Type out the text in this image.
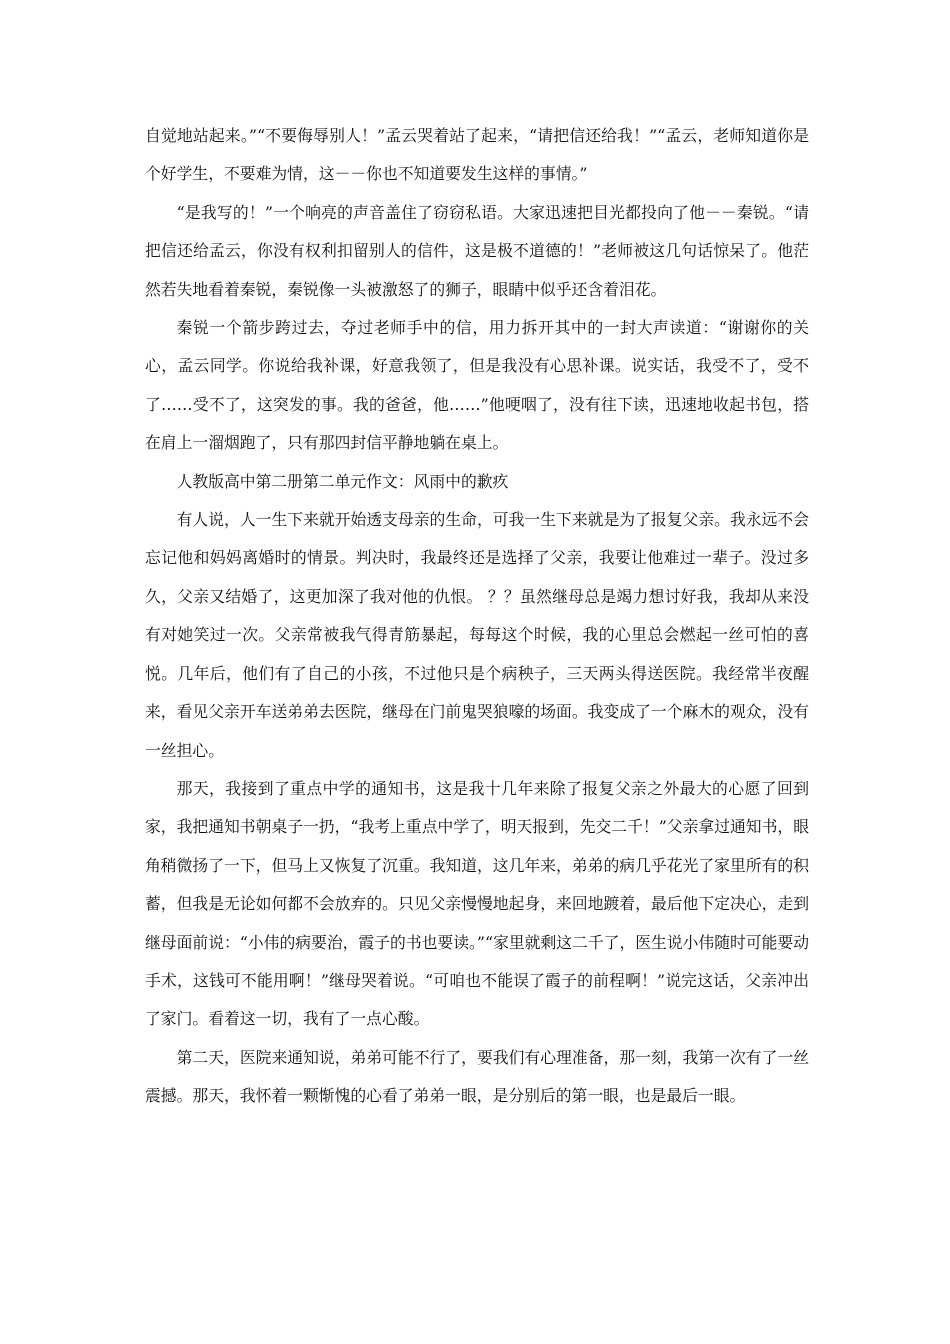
自觉地站起来。”“不要侮辱别人！”孟云哭着站了起来，“请把信还给我！”“孟云，老师知道你是个好学生，不要难为情，这－－你也不知道要发生这样的事情。”

“是我写的！”一个响亮的声音盖住了窃窃私语。大家迅速把目光都投向了他－－秦锐。“请把信还给孟云，你没有权利扣留别人的信件，这是极不道德的！”老师被这几句话惊呆了。他茫然若失地看着秦锐，秦锐像一头被激怒了的狮子，眼睛中似乎还含着泪花。

秦锐一个箭步跨过去，夺过老师手中的信，用力拆开其中的一封大声读道：“谢谢你的关心，孟云同学。你说给我补课，好意我领了，但是我没有心思补课。说实话，我受不了，受不了……受不了，这突发的事。我的爸爸，他……”他哽咽了，没有往下读，迅速地收起书包，搭在肩上一溜烟跑了，只有那四封信平静地躺在桌上。

人教版高中第二册第二单元作文：风雨中的歉疚

有人说，人一生下来就开始透支母亲的生命，可我一生下来就是为了报复父亲。我永远不会忘记他和妈妈离婚时的情景。判决时，我最终还是选择了父亲，我要让他难过一辈子。没过多久，父亲又结婚了，这更加深了我对他的仇恨。 ？？虽然继母总是竭力想讨好我，我却从来没有对她笑过一次。父亲常被我气得青筋暴起，每每这个时候，我的心里总会燃起一丝可怕的喜悦。几年后，他们有了自己的小孩，不过他只是个病秧子，三天两头得送医院。我经常半夜醒来，看见父亲开车送弟弟去医院，继母在门前鬼哭狼嚎的场面。我变成了一个麻木的观众，没有一丝担心。

那天，我接到了重点中学的通知书，这是我十几年来除了报复父亲之外最大的心愿了回到家，我把通知书朝桌子一扔，“我考上重点中学了，明天报到，先交二千！”父亲拿过通知书，眼角稍微扬了一下，但马上又恢复了沉重。我知道，这几年来，弟弟的病几乎花光了家里所有的积蓄，但我是无论如何都不会放弃的。只见父亲慢慢地起身，来回地踱着，最后他下定决心，走到继母面前说：“小伟的病要治，霞子的书也要读。”“家里就剩这二千了，医生说小伟随时可能要动手术，这钱可不能用啊！”继母哭着说。“可咱也不能误了霞子的前程啊！”说完这话，父亲冲出了家门。看着这一切，我有了一点心酸。

第二天，医院来通知说，弟弟可能不行了，要我们有心理准备，那一刻，我第一次有了一丝震撼。那天，我怀着一颗惭愧的心看了弟弟一眼，是分别后的第一眼，也是最后一眼。
